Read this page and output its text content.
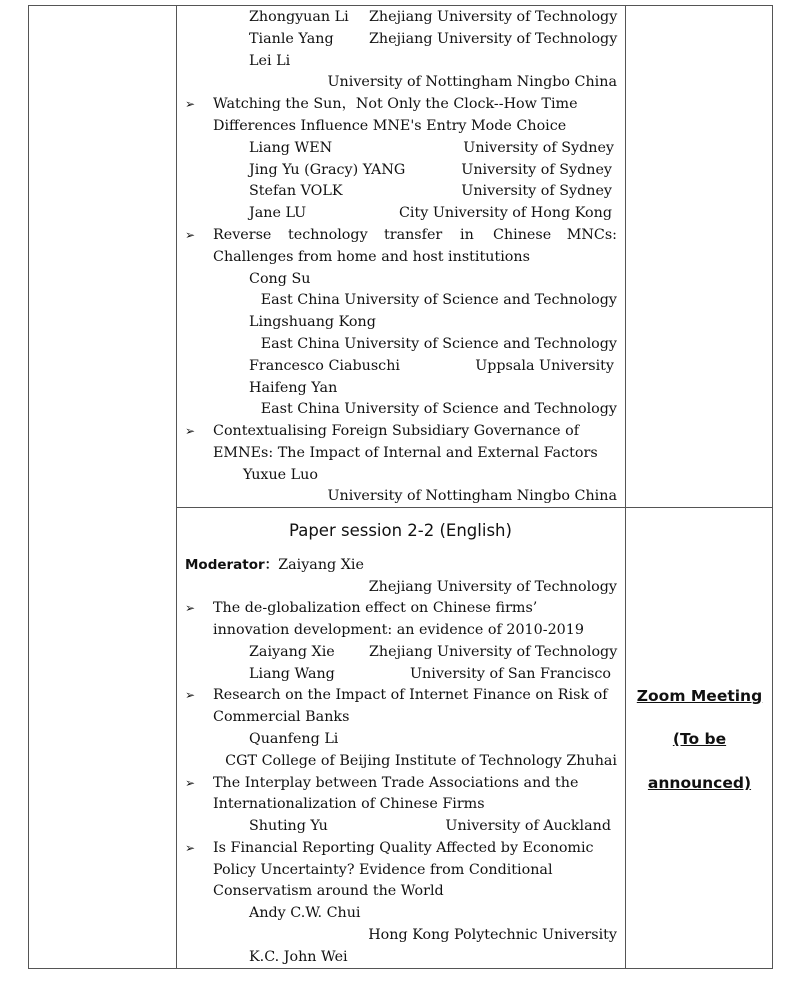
Zhongyuan Li Zhejiang University of Technology
Tianle Yang Zhejiang University of Technology
Lei Li
University of Nottingham Ningbo China
➢ Watching the Sun，Not Only the Clock--How Time
Differences Influence MNE's Entry Mode Choice
Liang WEN	University of Sydney
Jing Yu (Gracy) YANG	University of Sydney
Stefan VOLK	University of Sydney
Jane LU	City University of Hong Kong
➢ Reverse technology transfer in Chinese MNCs:
Challenges from home and host institutions
Cong Su
East China University of Science and Technology
Lingshuang Kong
East China University of Science and Technology
Francesco Ciabuschi	Uppsala University
Haifeng Yan
East China University of Science and Technology
➢ Contextualising Foreign Subsidiary Governance of
EMNEs: The Impact of Internal and External Factors
Yuxue Luo
University of Nottingham Ningbo China
Paper session 2-2 (English)
Moderator：Zaiyang Xie
Zhejiang University of Technology
➢ The de-globalization effect on Chinese firms’
innovation development: an evidence of 2010-2019
Zaiyang Xie Zhejiang University of Technology
Liang Wang	University of San Francisco
➢ Research on the Impact of Internet Finance on Risk of
Commercial Banks
Quanfeng Li
CGT College of Beijing Institute of Technology Zhuhai
➢ The Interplay between Trade Associations and the
Internationalization of Chinese Firms
Shuting Yu	University of Auckland
➢ Is Financial Reporting Quality Affected by Economic
Policy Uncertainty? Evidence from Conditional
Conservatism around the World
Andy C.W. Chui
Hong Kong Polytechnic University
K.C. John Wei
Zoom Meeting
(To be
announced)
